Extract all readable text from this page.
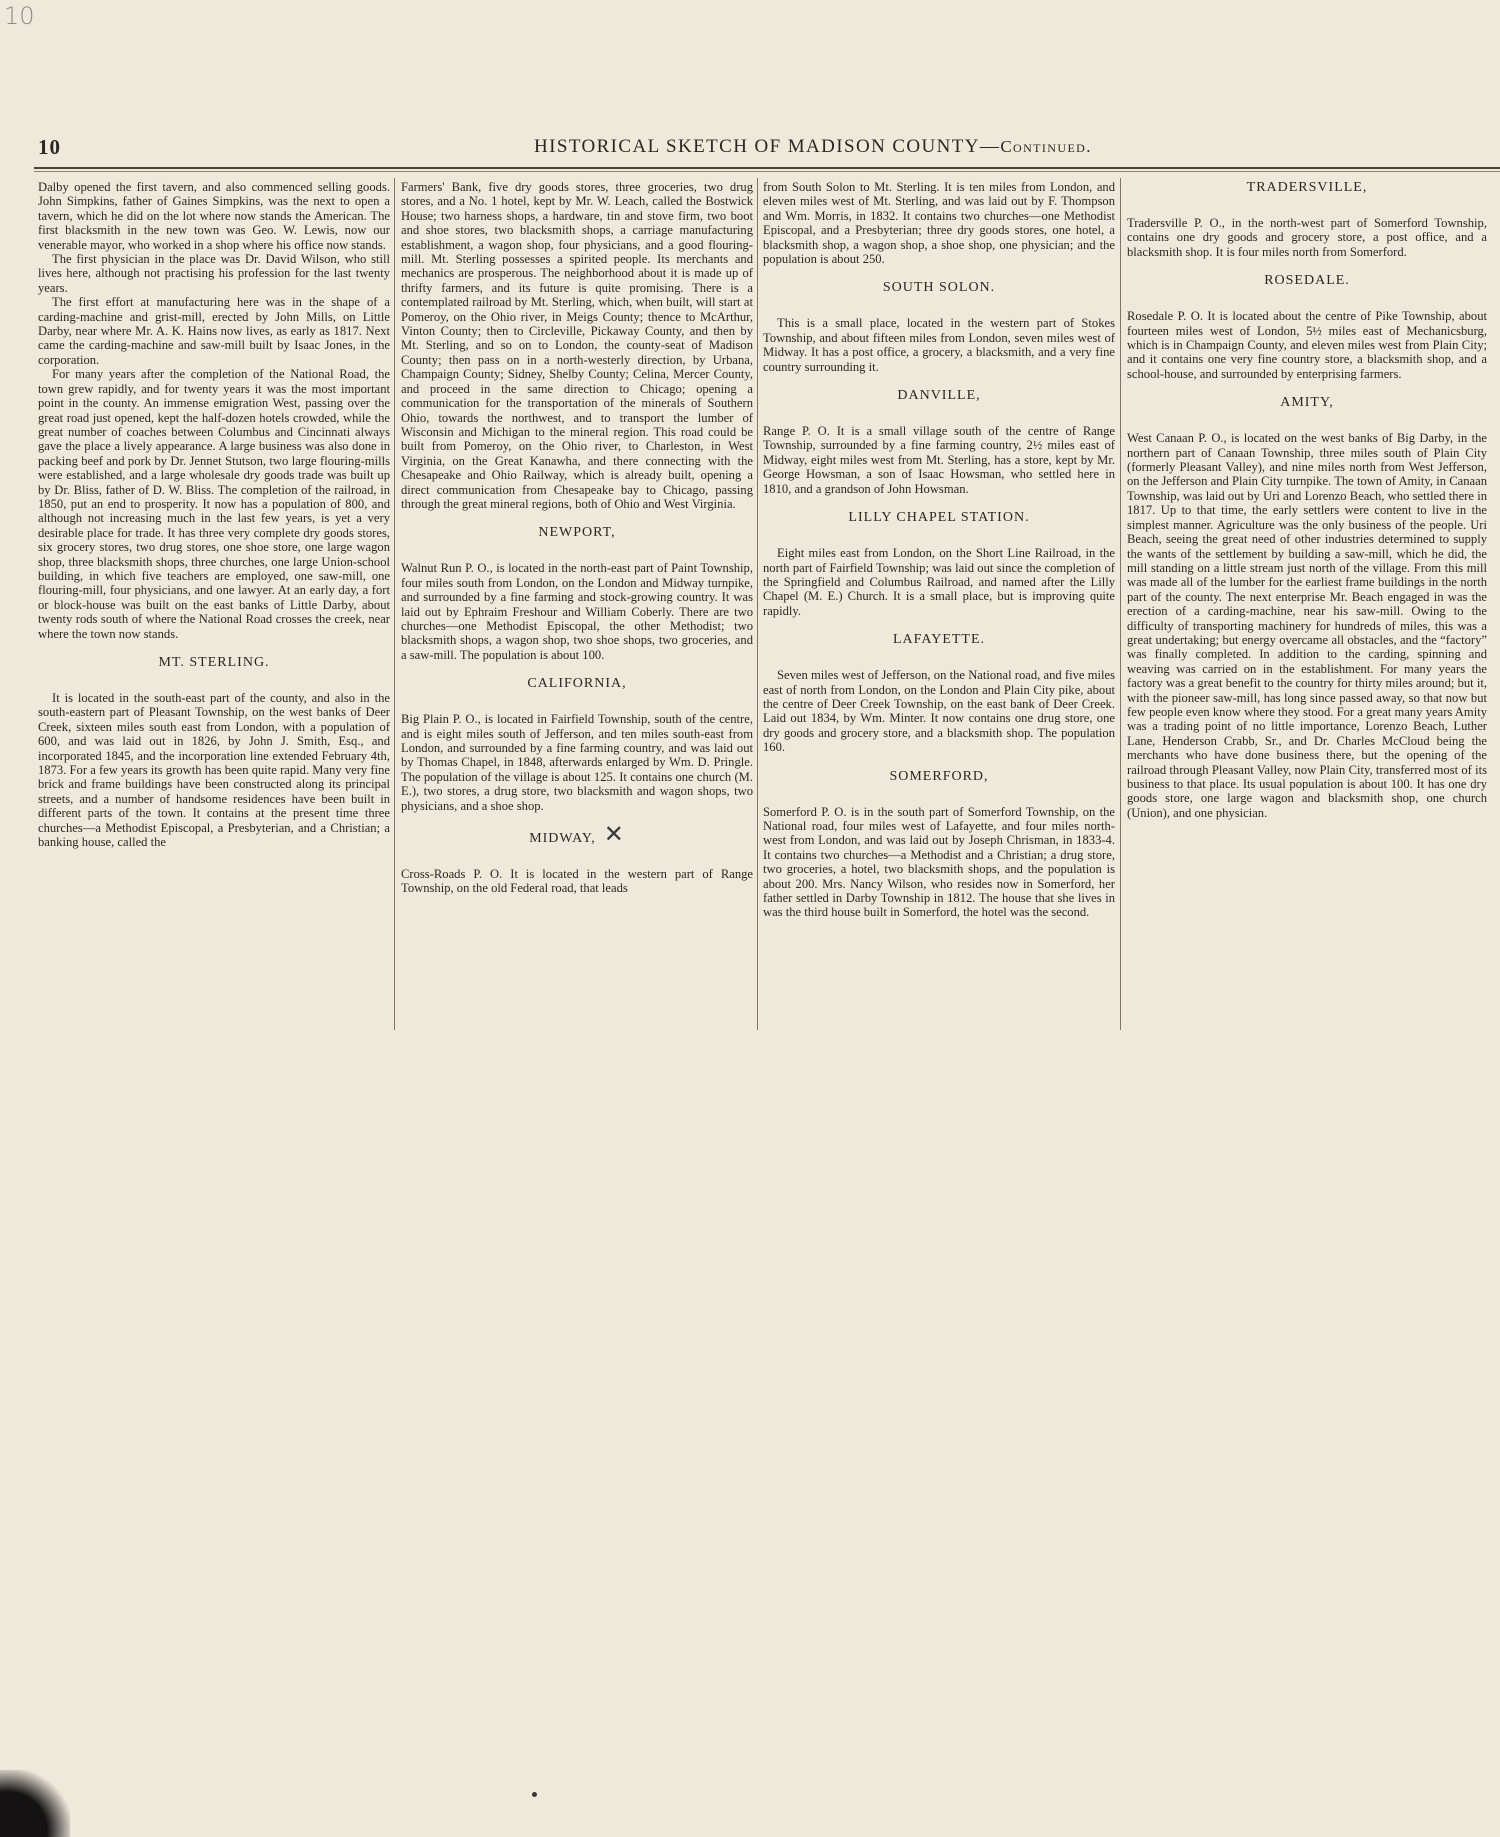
10
10	HISTORICAL SKETCH OF MADISON COUNTY—Continued.

Dalby opened the first tavern, and also commenced selling goods. John Simpkins, father of Gaines Simpkins, was the next to open a tavern, which he did on the lot where now stands the American. The first blacksmith in the new town was Geo. W. Lewis, now our venerable mayor, who worked in a shop where his office now stands.

The first physician in the place was Dr. David Wilson, who still lives here, although not practising his profession for the last twenty years.

The first effort at manufacturing here was in the shape of a carding-machine and grist-mill, erected by John Mills, on Little Darby, near where Mr. A. K. Hains now lives, as early as 1817. Next came the carding-machine and saw-mill built by Isaac Jones, in the corporation.

For many years after the completion of the National Road, the town grew rapidly, and for twenty years it was the most important point in the county. An immense emigration West, passing over the great road just opened, kept the half-dozen hotels crowded, while the great number of coaches between Columbus and Cincinnati always gave the place a lively appearance. A large business was also done in packing beef and pork by Dr. Jennet Stutson, two large flouring-mills were established, and a large wholesale dry goods trade was built up by Dr. Bliss, father of D. W. Bliss. The completion of the railroad, in 1850, put an end to prosperity. It now has a population of 800, and although not increasing much in the last few years, is yet a very desirable place for trade. It has three very complete dry goods stores, six grocery stores, two drug stores, one shoe store, one large wagon shop, three blacksmith shops, three churches, one large Union-school building, in which five teachers are employed, one saw-mill, one flouring-mill, four physicians, and one lawyer. At an early day, a fort or block-house was built on the east banks of Little Darby, about twenty rods south of where the National Road crosses the creek, near where the town now stands.

MT. STERLING.

It is located in the south-east part of the county, and also in the south-eastern part of Pleasant Township, on the west banks of Deer Creek, sixteen miles south east from London, with a population of 600, and was laid out in 1826, by John J. Smith, Esq., and incorporated 1845, and the incorporation line extended February 4th, 1873. For a few years its growth has been quite rapid. Many very fine brick and frame buildings have been constructed along its principal streets, and a number of handsome residences have been built in different parts of the town. It contains at the present time three churches—a Methodist Episcopal, a Presbyterian, and a Christian; a banking house, called the

Farmers' Bank, five dry goods stores, three groceries, two drug stores, and a No. 1 hotel, kept by Mr. W. Leach, called the Bostwick House; two harness shops, a hardware, tin and stove firm, two boot and shoe stores, two blacksmith shops, a carriage manufacturing establishment, a wagon shop, four physicians, and a good flouring-mill. Mt. Sterling possesses a spirited people. Its merchants and mechanics are prosperous. The neighborhood about it is made up of thrifty farmers, and its future is quite promising. There is a contemplated railroad by Mt. Sterling, which, when built, will start at Pomeroy, on the Ohio river, in Meigs County; thence to McArthur, Vinton County; then to Circleville, Pickaway County, and then by Mt. Sterling, and so on to London, the county-seat of Madison County; then pass on in a north-westerly direction, by Urbana, Champaign County; Sidney, Shelby County; Celina, Mercer County, and proceed in the same direction to Chicago; opening a communication for the transportation of the minerals of Southern Ohio, towards the northwest, and to transport the lumber of Wisconsin and Michigan to the mineral region. This road could be built from Pomeroy, on the Ohio river, to Charleston, in West Virginia, on the Great Kanawha, and there connecting with the Chesapeake and Ohio Railway, which is already built, opening a direct communication from Chesapeake bay to Chicago, passing through the great mineral regions, both of Ohio and West Virginia.

NEWPORT,

Walnut Run P. O., is located in the north-east part of Paint Township, four miles south from London, on the London and Midway turnpike, and surrounded by a fine farming and stock-growing country. It was laid out by Ephraim Freshour and William Coberly. There are two churches—one Methodist Episcopal, the other Methodist; two blacksmith shops, a wagon shop, two shoe shops, two groceries, and a saw-mill. The population is about 100.

CALIFORNIA,

Big Plain P. O., is located in Fairfield Township, south of the centre, and is eight miles south of Jefferson, and ten miles south-east from London, and surrounded by a fine farming country, and was laid out by Thomas Chapel, in 1848, afterwards enlarged by Wm. D. Pringle. The population of the village is about 125. It contains one church (M. E.), two stores, a drug store, two blacksmith and wagon shops, two physicians, and a shoe shop.

MIDWAY, ✕

Cross-Roads P. O. It is located in the western part of Range Township, on the old Federal road, that leads

from South Solon to Mt. Sterling. It is ten miles from London, and eleven miles west of Mt. Sterling, and was laid out by F. Thompson and Wm. Morris, in 1832. It contains two churches—one Methodist Episcopal, and a Presbyterian; three dry goods stores, one hotel, a blacksmith shop, a wagon shop, a shoe shop, one physician; and the population is about 250.

SOUTH SOLON.

This is a small place, located in the western part of Stokes Township, and about fifteen miles from London, seven miles west of Midway. It has a post office, a grocery, a blacksmith, and a very fine country surrounding it.

DANVILLE,

Range P. O. It is a small village south of the centre of Range Township, surrounded by a fine farming country, 2½ miles east of Midway, eight miles west from Mt. Sterling, has a store, kept by Mr. George Howsman, a son of Isaac Howsman, who settled here in 1810, and a grandson of John Howsman.

LILLY CHAPEL STATION.

Eight miles east from London, on the Short Line Railroad, in the north part of Fairfield Township; was laid out since the completion of the Springfield and Columbus Railroad, and named after the Lilly Chapel (M. E.) Church. It is a small place, but is improving quite rapidly.

LAFAYETTE.

Seven miles west of Jefferson, on the National road, and five miles east of north from London, on the London and Plain City pike, about the centre of Deer Creek Township, on the east bank of Deer Creek. Laid out 1834, by Wm. Minter. It now contains one drug store, one dry goods and grocery store, and a blacksmith shop. The population 160.

SOMERFORD,

Somerford P. O. is in the south part of Somerford Township, on the National road, four miles west of Lafayette, and four miles north-west from London, and was laid out by Joseph Chrisman, in 1833-4. It contains two churches—a Methodist and a Christian; a drug store, two groceries, a hotel, two blacksmith shops, and the population is about 200. Mrs. Nancy Wilson, who resides now in Somerford, her father settled in Darby Township in 1812. The house that she lives in was the third house built in Somerford, the hotel was the second.

TRADERSVILLE,

Tradersville P. O., in the north-west part of Somerford Township, contains one dry goods and grocery store, a post office, and a blacksmith shop. It is four miles north from Somerford.

ROSEDALE.

Rosedale P. O. It is located about the centre of Pike Township, about fourteen miles west of London, 5½ miles east of Mechanicsburg, which is in Champaign County, and eleven miles west from Plain City; and it contains one very fine country store, a blacksmith shop, and a school-house, and surrounded by enterprising farmers.

AMITY,

West Canaan P. O., is located on the west banks of Big Darby, in the northern part of Canaan Township, three miles south of Plain City (formerly Pleasant Valley), and nine miles north from West Jefferson, on the Jefferson and Plain City turnpike. The town of Amity, in Canaan Township, was laid out by Uri and Lorenzo Beach, who settled there in 1817. Up to that time, the early settlers were content to live in the simplest manner. Agriculture was the only business of the people. Uri Beach, seeing the great need of other industries determined to supply the wants of the settlement by building a saw-mill, which he did, the mill standing on a little stream just north of the village. From this mill was made all of the lumber for the earliest frame buildings in the north part of the county. The next enterprise Mr. Beach engaged in was the erection of a carding-machine, near his saw-mill. Owing to the difficulty of transporting machinery for hundreds of miles, this was a great undertaking; but energy overcame all obstacles, and the “factory” was finally completed. In addition to the carding, spinning and weaving was carried on in the establishment. For many years the factory was a great benefit to the country for thirty miles around; but it, with the pioneer saw-mill, has long since passed away, so that now but few people even know where they stood. For a great many years Amity was a trading point of no little importance, Lorenzo Beach, Luther Lane, Henderson Crabb, Sr., and Dr. Charles McCloud being the merchants who have done business there, but the opening of the railroad through Pleasant Valley, now Plain City, transferred most of its business to that place. Its usual population is about 100. It has one dry goods store, one large wagon and blacksmith shop, one church (Union), and one physician.
